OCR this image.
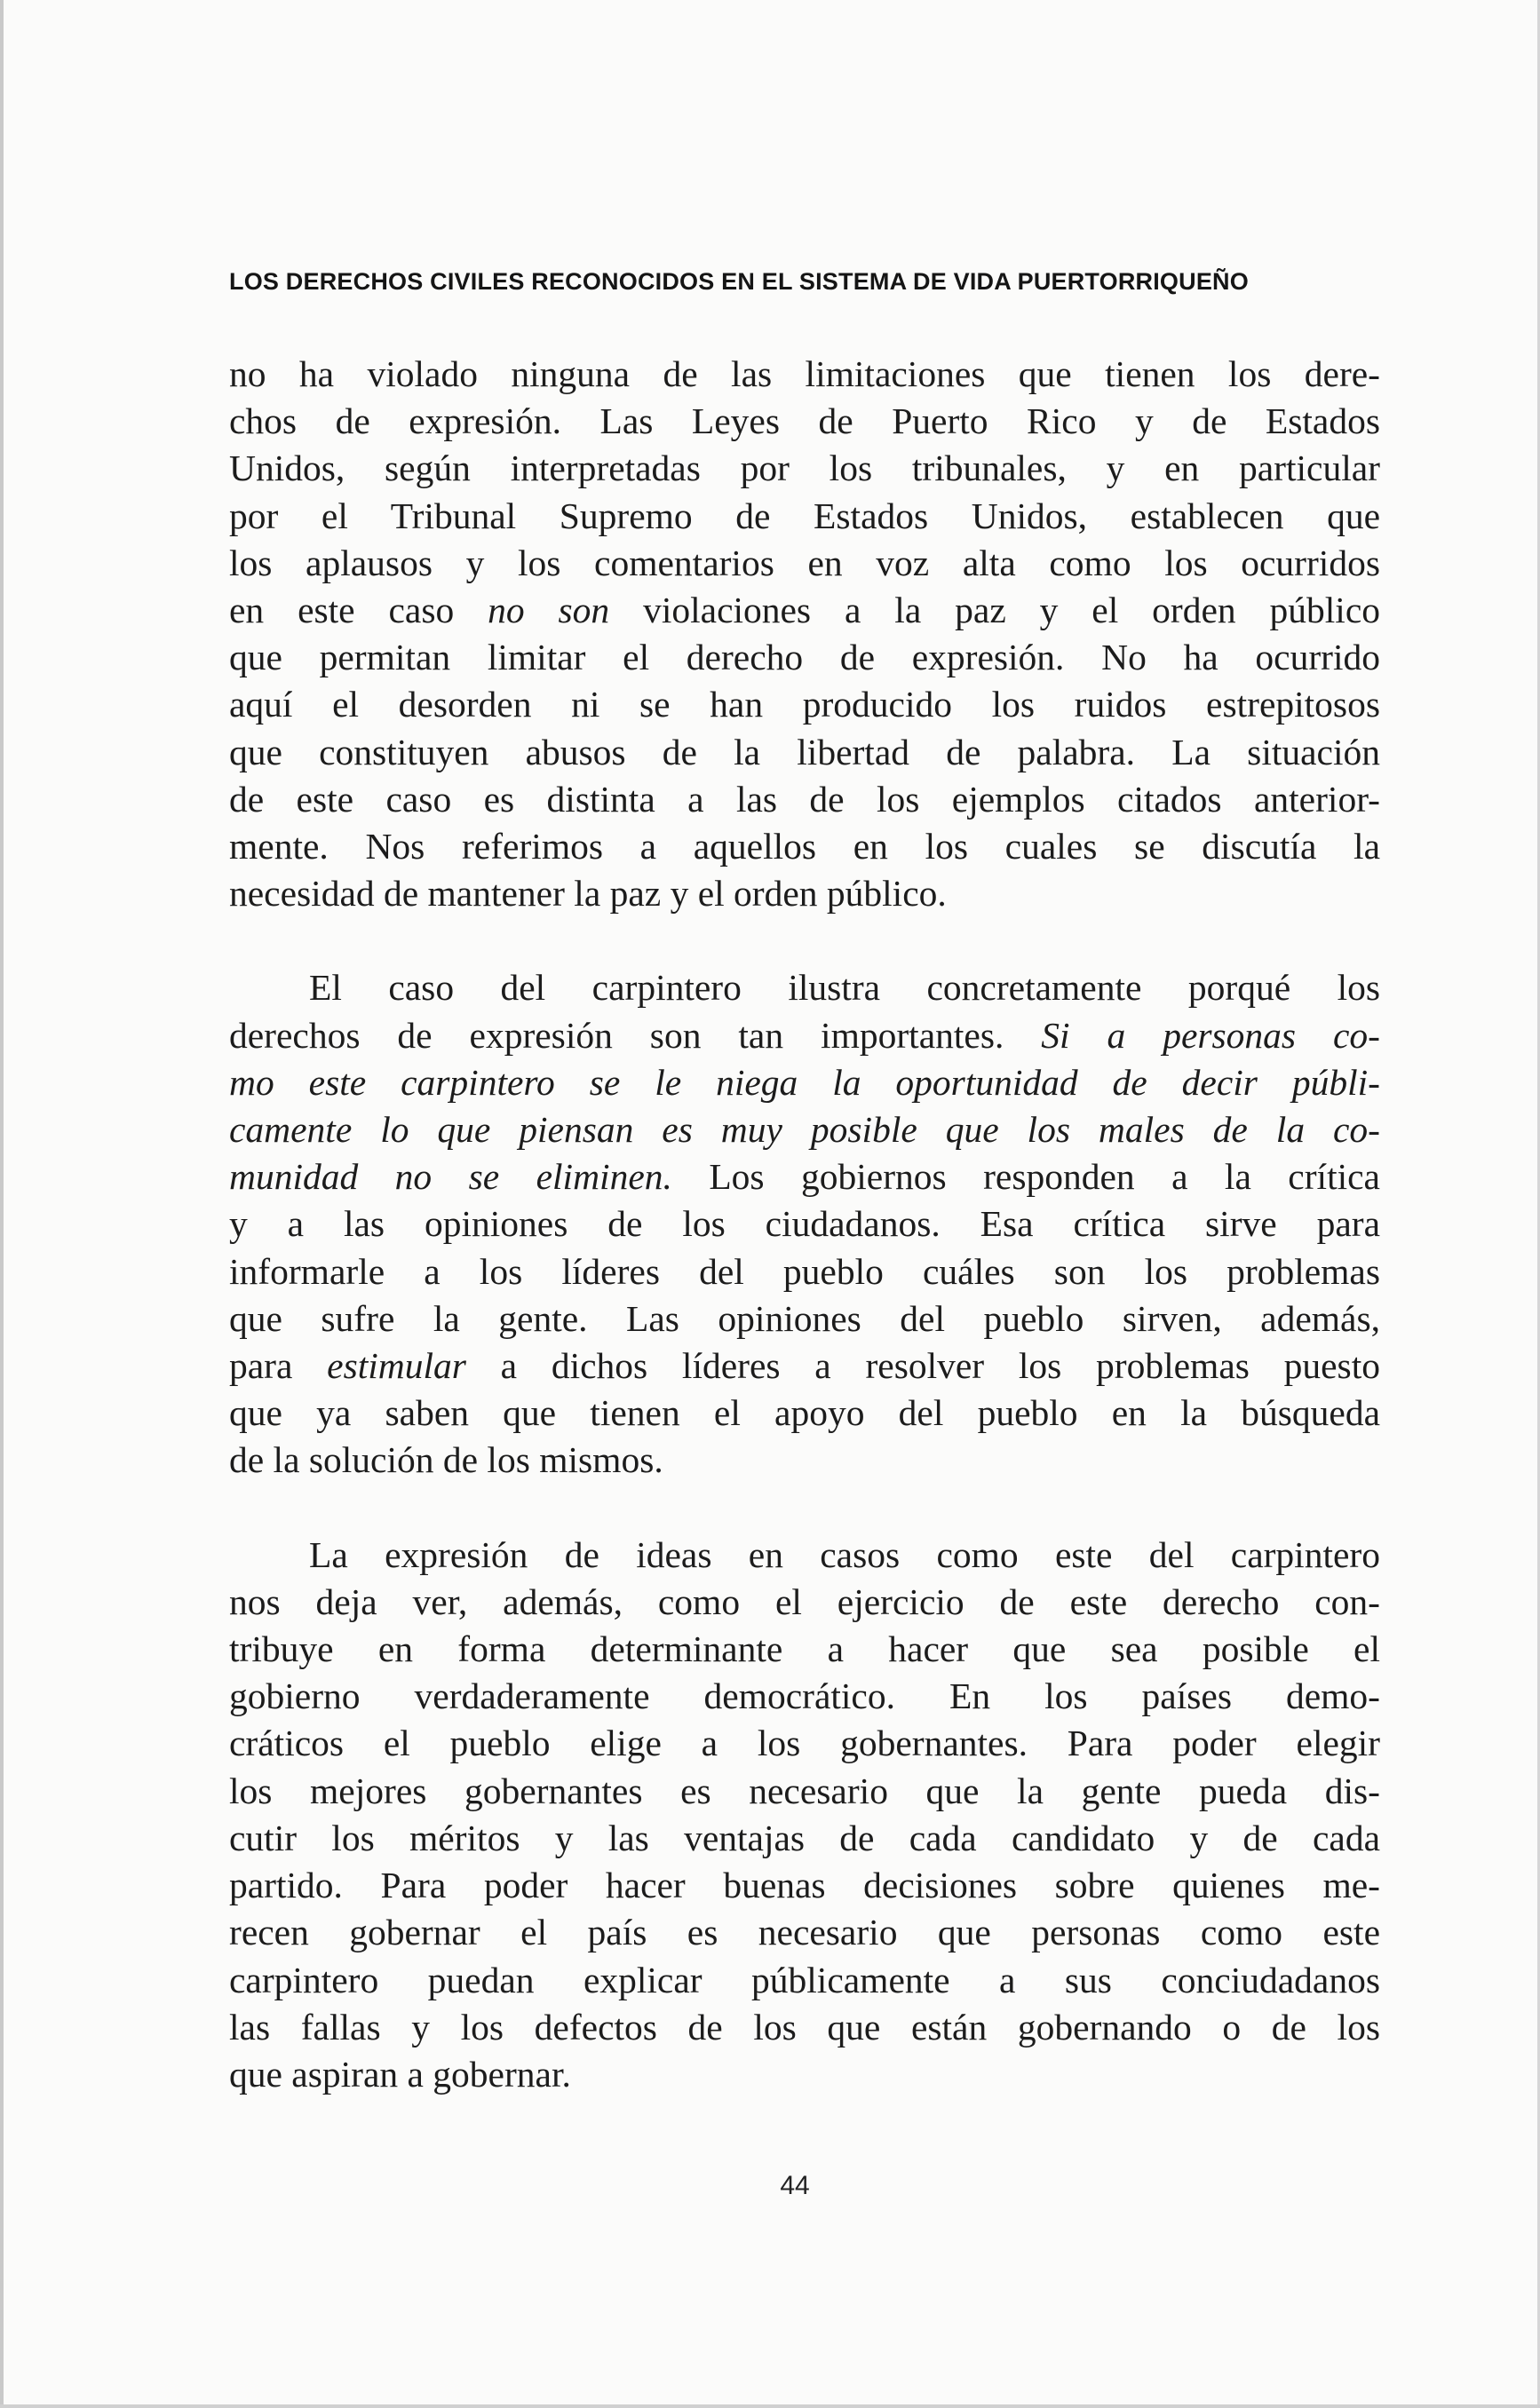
LOS DERECHOS CIVILES RECONOCIDOS EN EL SISTEMA DE VIDA PUERTORRIQUEÑO

no ha violado ninguna de las limitaciones que tienen los dere-
chos de expresión. Las Leyes de Puerto Rico y de Estados
Unidos, según interpretadas por los tribunales, y en particular
por el Tribunal Supremo de Estados Unidos, establecen que
los aplausos y los comentarios en voz alta como los ocurridos
en este caso no son violaciones a la paz y el orden público
que permitan limitar el derecho de expresión. No ha ocurrido
aquí el desorden ni se han producido los ruidos estrepitosos
que constituyen abusos de la libertad de palabra. La situación
de este caso es distinta a las de los ejemplos citados anterior-
mente. Nos referimos a aquellos en los cuales se discutía la
necesidad de mantener la paz y el orden público.

El caso del carpintero ilustra concretamente porqué los
derechos de expresión son tan importantes. Si a personas co-
mo este carpintero se le niega la oportunidad de decir públi-
camente lo que piensan es muy posible que los males de la co-
munidad no se eliminen. Los gobiernos responden a la crítica
y a las opiniones de los ciudadanos. Esa crítica sirve para
informarle a los líderes del pueblo cuáles son los problemas
que sufre la gente. Las opiniones del pueblo sirven, además,
para estimular a dichos líderes a resolver los problemas puesto
que ya saben que tienen el apoyo del pueblo en la búsqueda
de la solución de los mismos.

La expresión de ideas en casos como este del carpintero
nos deja ver, además, como el ejercicio de este derecho con-
tribuye en forma determinante a hacer que sea posible el
gobierno verdaderamente democrático. En los países demo-
cráticos el pueblo elige a los gobernantes. Para poder elegir
los mejores gobernantes es necesario que la gente pueda dis-
cutir los méritos y las ventajas de cada candidato y de cada
partido. Para poder hacer buenas decisiones sobre quienes me-
recen gobernar el país es necesario que personas como este
carpintero puedan explicar públicamente a sus conciudadanos
las fallas y los defectos de los que están gobernando o de los
que aspiran a gobernar.

44
